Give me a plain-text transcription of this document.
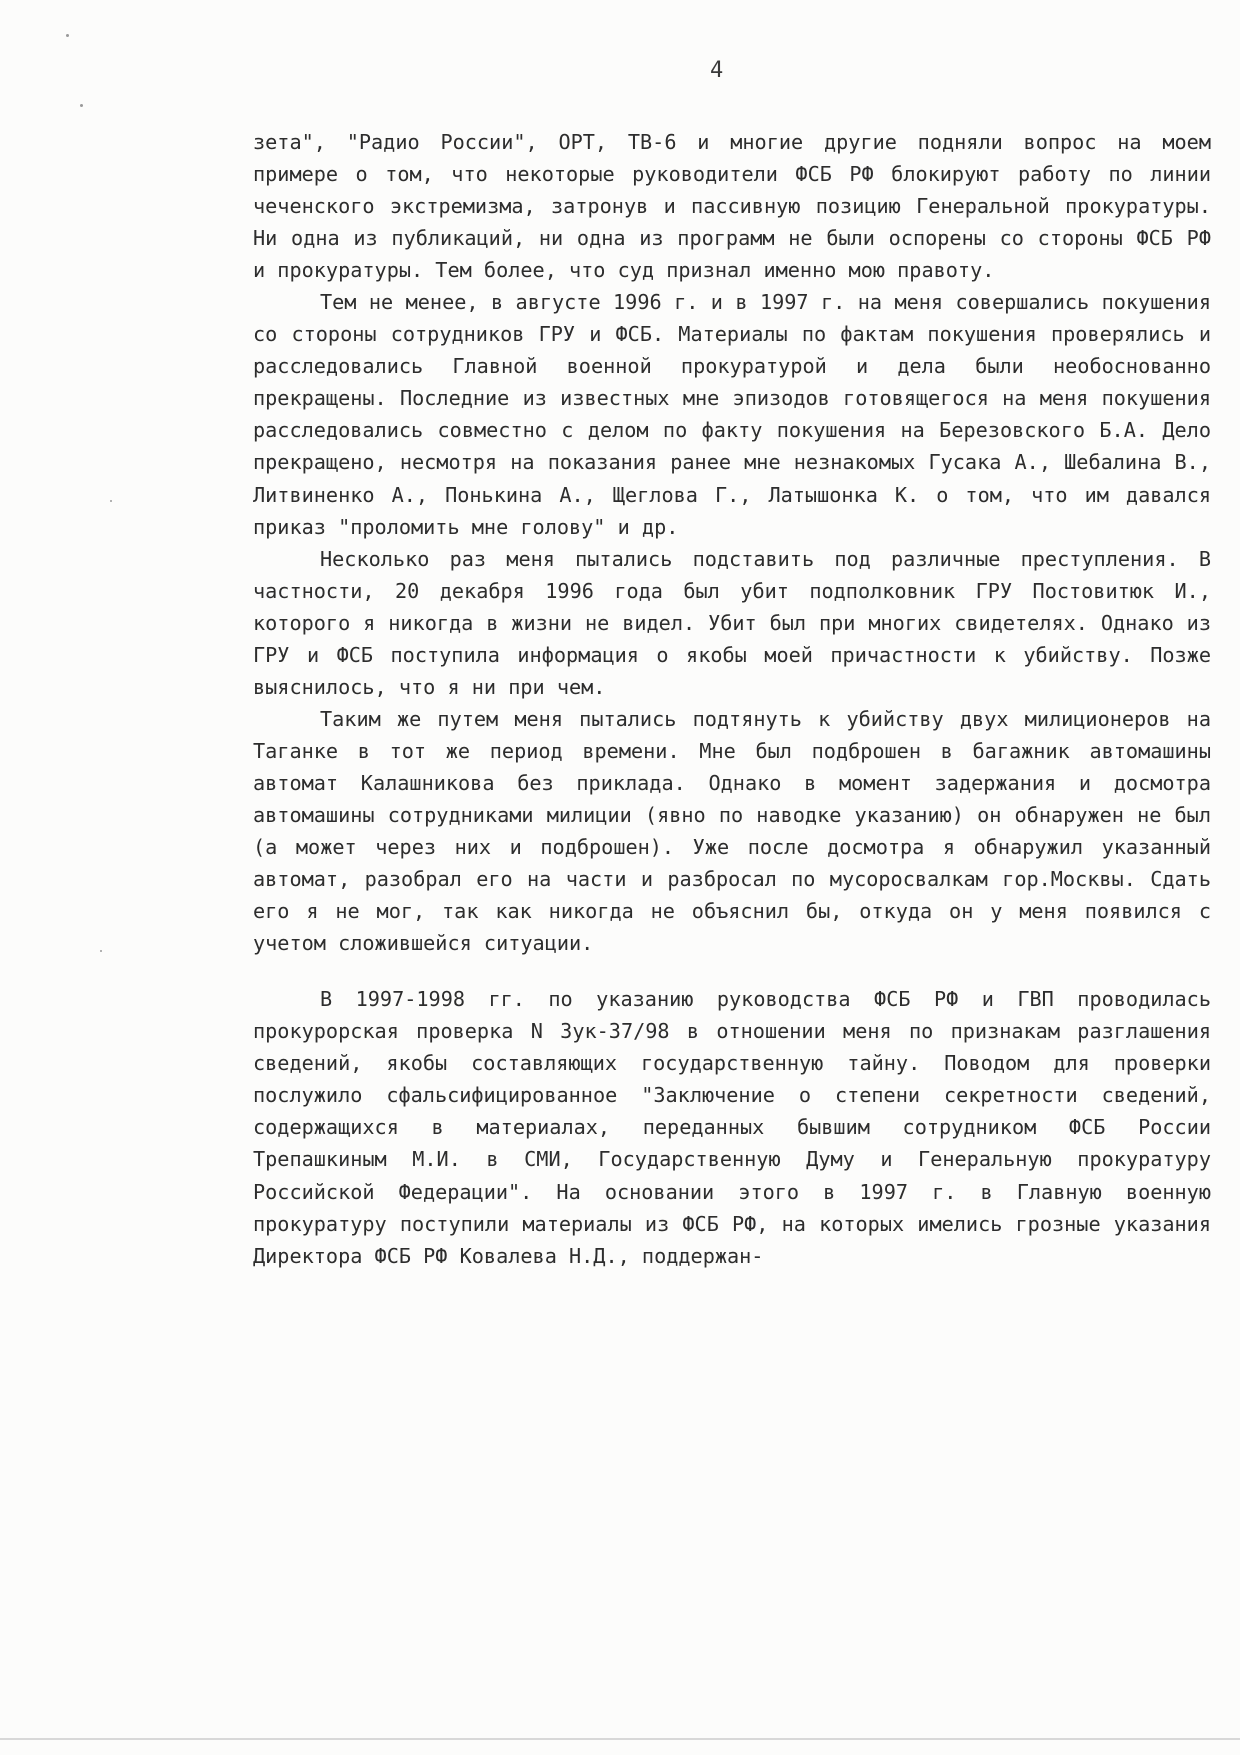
4

зета", "Радио России", ОРТ, ТВ-6 и многие другие подняли вопрос на моем примере о том, что некоторые руководители ФСБ РФ блокируют работу по линии чеченского экстремизма, затронув и пассивную позицию Генеральной прокуратуры. Ни одна из публикаций, ни одна из программ не были оспорены со стороны ФСБ РФ и прокуратуры. Тем более, что суд признал именно мою правоту.

Тем не менее, в августе 1996 г. и в 1997 г. на меня совершались покушения со стороны сотрудников ГРУ и ФСБ. Материалы по фактам покушения проверялись и расследовались Главной военной прокуратурой и дела были необоснованно прекращены. Последние из известных мне эпизодов готовящегося на меня покушения расследовались совместно с делом по факту покушения на Березовского Б.А. Дело прекращено, несмотря на показания ранее мне незнакомых Гусака А., Шебалина В., Литвиненко А., Понькина А., Щеглова Г., Латышонка К. о том, что им давался приказ "проломить мне голову" и др.

Несколько раз меня пытались подставить под различные преступления. В частности, 20 декабря 1996 года был убит подполковник ГРУ Постовитюк И., которого я никогда в жизни не видел. Убит был при многих свидетелях. Однако из ГРУ и ФСБ поступила информация о якобы моей причастности к убийству. Позже выяснилось, что я ни при чем.

Таким же путем меня пытались подтянуть к убийству двух милиционеров на Таганке в тот же период времени. Мне был подброшен в багажник автомашины автомат Калашникова без приклада. Однако в момент задержания и досмотра автомашины сотрудниками милиции (явно по наводке указанию) он обнаружен не был (а может через них и подброшен). Уже после досмотра я обнаружил указанный автомат, разобрал его на части и разбросал по мусоросвалкам гор.Москвы. Сдать его я не мог, так как никогда не объяснил бы, откуда он у меня появился с учетом сложившейся ситуации.

В 1997-1998 гг. по указанию руководства ФСБ РФ и ГВП проводилась прокурорская проверка N Зук-37/98 в отношении меня по признакам разглашения сведений, якобы составляющих государственную тайну. Поводом для проверки послужило сфальсифицированное "Заключение о степени секретности сведений, содержащихся в материалах, переданных бывшим сотрудником ФСБ России Трепашкиным М.И. в СМИ, Государственную Думу и Генеральную прокуратуру Российской Федерации". На основании этого в 1997 г. в Главную военную прокуратуру поступили материалы из ФСБ РФ, на которых имелись грозные указания Директора ФСБ РФ Ковалева Н.Д., поддержан-
